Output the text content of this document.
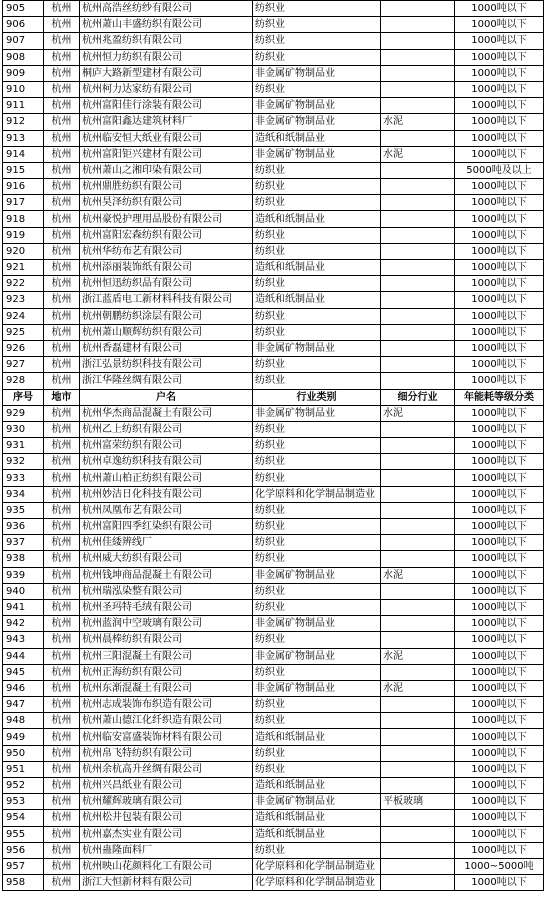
905	杭州	杭州高浩丝纺纱有限公司	纺织业		1000吨以下
906	杭州	杭州萧山丰盛纺织有限公司	纺织业		1000吨以下
907	杭州	杭州兆盈纺织有限公司	纺织业		1000吨以下
908	杭州	杭州恒力纺织有限公司	纺织业		1000吨以下
909	杭州	桐庐大路新型建材有限公司	非金属矿物制品业		1000吨以下
910	杭州	杭州柯力达家纺有限公司	纺织业		1000吨以下
911	杭州	杭州富阳佳行涂装有限公司	非金属矿物制品业		1000吨以下
912	杭州	杭州富阳鑫达建筑材料厂	非金属矿物制品业	水泥	1000吨以下
913	杭州	杭州临安恒大纸业有限公司	造纸和纸制品业		1000吨以下
914	杭州	杭州富阳钜兴建材有限公司	非金属矿物制品业	水泥	1000吨以下
915	杭州	杭州萧山之湘印染有限公司	纺织业		5000吨及以上
916	杭州	杭州鼎胜纺织有限公司	纺织业		1000吨以下
917	杭州	杭州昊泽纺织有限公司	纺织业		1000吨以下
918	杭州	杭州豪悦护理用品股份有限公司	造纸和纸制品业		1000吨以下
919	杭州	杭州富阳宏森纺织有限公司	纺织业		1000吨以下
920	杭州	杭州华纺布艺有限公司	纺织业		1000吨以下
921	杭州	杭州添丽装饰纸有限公司	造纸和纸制品业		1000吨以下
922	杭州	杭州恒迅纺织品有限公司	纺织业		1000吨以下
923	杭州	浙江蓝盾电工新材料科技有限公司	造纸和纸制品业		1000吨以下
924	杭州	杭州朝鹏纺织涂层有限公司	纺织业		1000吨以下
925	杭州	杭州萧山顺辉纺织有限公司	纺织业		1000吨以下
926	杭州	杭州香磊建材有限公司	非金属矿物制品业		1000吨以下
927	杭州	浙江弘景纺织科技有限公司	纺织业		1000吨以下
928	杭州	浙江华隆丝绸有限公司	纺织业		1000吨以下
序号	地市	户名	行业类别	细分行业	年能耗等级分类
929	杭州	杭州华杰商品混凝土有限公司	非金属矿物制品业	水泥	1000吨以下
930	杭州	杭州乙上纺织有限公司	纺织业		1000吨以下
931	杭州	杭州富荣纺织有限公司	纺织业		1000吨以下
932	杭州	杭州卓逸纺织科技有限公司	纺织业		1000吨以下
933	杭州	杭州萧山柏正纺织有限公司	纺织业		1000吨以下
934	杭州	杭州妙洁日化科技有限公司	化学原料和化学制品制造业		1000吨以下
935	杭州	杭州凤凰布艺有限公司	纺织业		1000吨以下
936	杭州	杭州富阳四季红染织有限公司	纺织业		1000吨以下
937	杭州	杭州佳緌辨线厂	纺织业		1000吨以下
938	杭州	杭州威大纺织有限公司	纺织业		1000吨以下
939	杭州	杭州钱坤商品混凝土有限公司	非金属矿物制品业	水泥	1000吨以下
940	杭州	杭州瑞泓染整有限公司	纺织业		1000吨以下
941	杭州	杭州圣玛特毛绒有限公司	纺织业		1000吨以下
942	杭州	杭州蓝润中空玻璃有限公司	非金属矿物制品业		1000吨以下
943	杭州	杭州晨棒纺织有限公司	纺织业		1000吨以下
944	杭州	杭州三阳混凝土有限公司	非金属矿物制品业	水泥	1000吨以下
945	杭州	杭州正海纺织有限公司	纺织业		1000吨以下
946	杭州	杭州东渐混凝土有限公司	非金属矿物制品业	水泥	1000吨以下
947	杭州	杭州志成装饰布织造有限公司	纺织业		1000吨以下
948	杭州	杭州萧山德江化纤织造有限公司	纺织业		1000吨以下
949	杭州	杭州临安富盛装饰材料有限公司	造纸和纸制品业		1000吨以下
950	杭州	杭州帛飞特纺织有限公司	纺织业		1000吨以下
951	杭州	杭州余杭高升丝绸有限公司	纺织业		1000吨以下
952	杭州	杭州兴昌纸业有限公司	造纸和纸制品业		1000吨以下
953	杭州	杭州耀辉玻璃有限公司	非金属矿物制品业	平板玻璃	1000吨以下
954	杭州	杭州松井包装有限公司	造纸和纸制品业		1000吨以下
955	杭州	杭州嘉杰实业有限公司	造纸和纸制品业		1000吨以下
956	杭州	杭州蛊隆面料厂	纺织业		1000吨以下
957	杭州	杭州映山花颜料化工有限公司	化学原料和化学制品制造业		1000~5000吨
958	杭州	浙江大恒新材料有限公司	化学原料和化学制品制造业		1000吨以下
